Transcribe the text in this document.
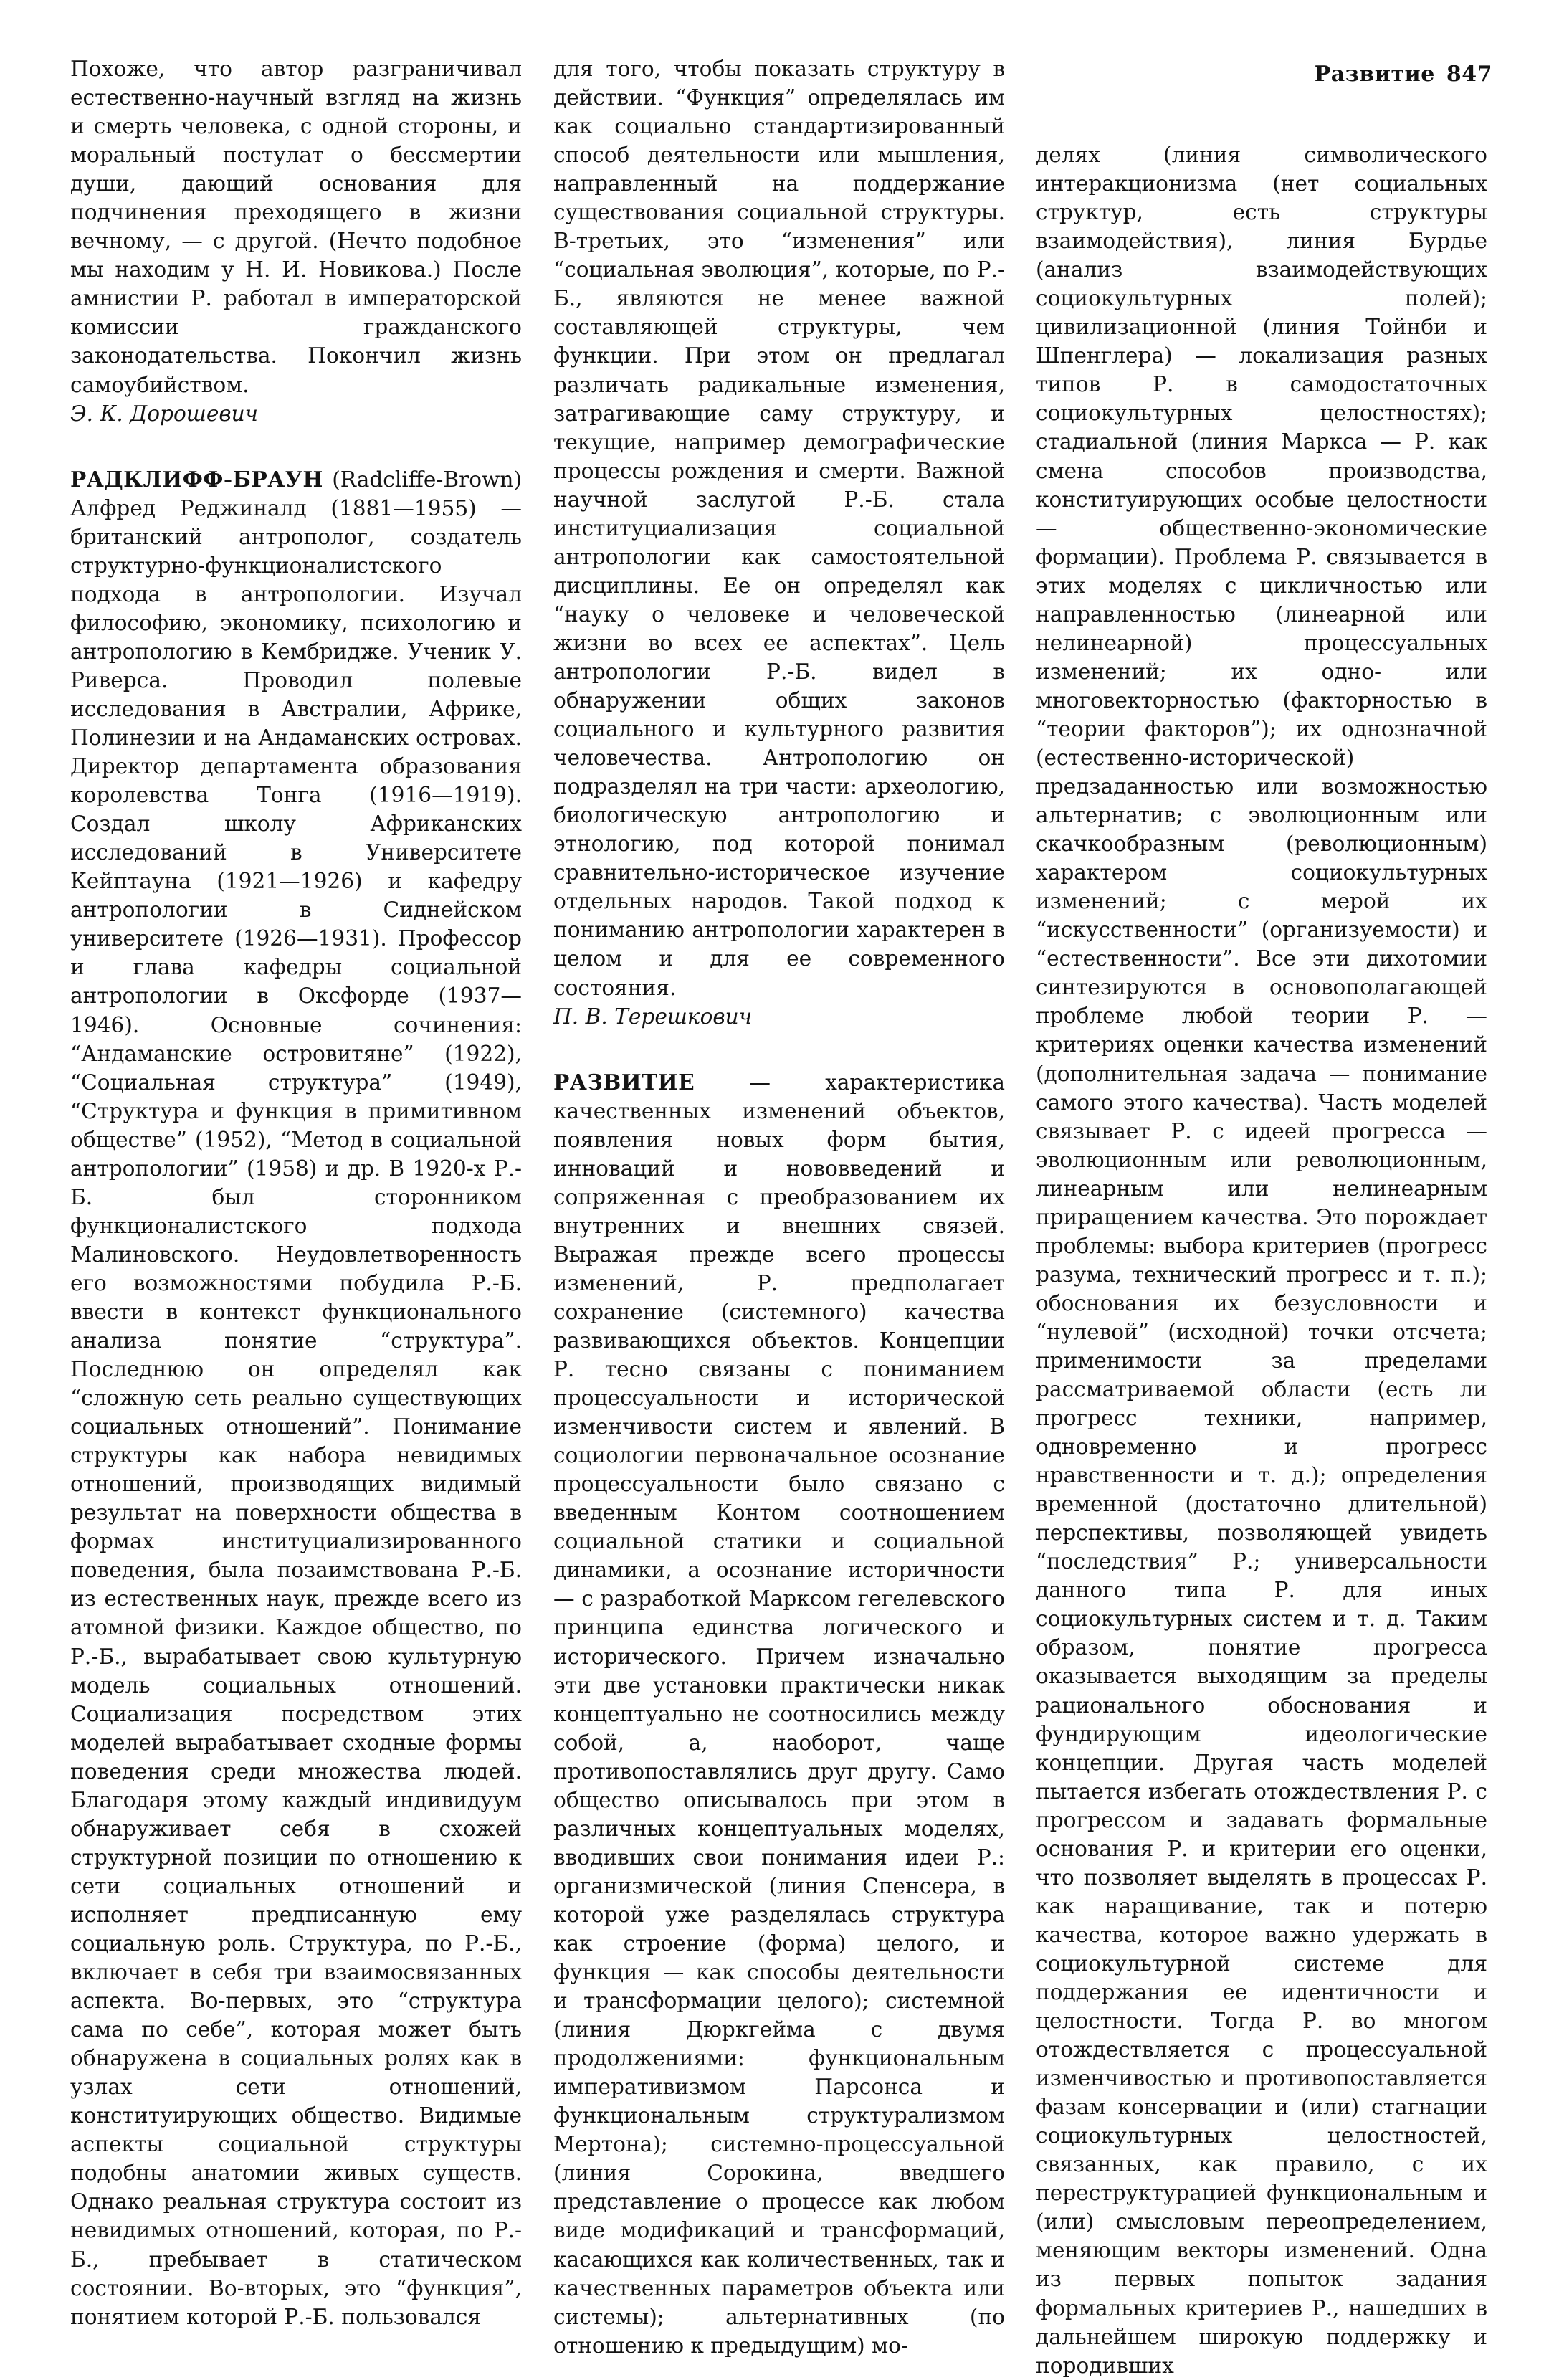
Развитие 847

Похоже, что автор разграничивал естественно-научный взгляд на жизнь и смерть человека, с одной стороны, и моральный постулат о бессмертии души, дающий основания для подчинения преходящего в жизни вечному, — с другой. (Нечто подобное мы находим у Н. И. Новикова.) После амнистии Р. работал в императорской комиссии гражданского законодательства. Покончил жизнь самоубийством.

Э. К. Дорошевич

РАДКЛИФФ-БРАУН (Radcliffe-Brown) Алфред Реджиналд (1881—1955) — британский антрополог, создатель структурно-функционалистского подхода в антропологии. Изучал философию, экономику, психологию и антропологию в Кембридже. Ученик У. Риверса. Проводил полевые исследования в Австралии, Африке, Полинезии и на Андаманских островах. Директор департамента образования королевства Тонга (1916—1919). Создал школу Африканских исследований в Университете Кейптауна (1921—1926) и кафедру антропологии в Сиднейском университете (1926—1931). Профессор и глава кафедры социальной антропологии в Оксфорде (1937—1946). Основные сочинения: “Андаманские островитяне” (1922), “Социальная структура” (1949), “Структура и функция в примитивном обществе” (1952), “Метод в социальной антропологии” (1958) и др. В 1920-х Р.-Б. был сторонником функционалистского подхода Малиновского. Неудовлетворенность его возможностями побудила Р.-Б. ввести в контекст функционального анализа понятие “структура”. Последнюю он определял как “сложную сеть реально существующих социальных отношений”. Понимание структуры как набора невидимых отношений, производящих видимый результат на поверхности общества в формах институциализированного поведения, была позаимствована Р.-Б. из естественных наук, прежде всего из атомной физики. Каждое общество, по Р.-Б., вырабатывает свою культурную модель социальных отношений. Социализация посредством этих моделей вырабатывает сходные формы поведения среди множества людей. Благодаря этому каждый индивидуум обнаруживает себя в схожей структурной позиции по отношению к сети социальных отношений и исполняет предписанную ему социальную роль. Структура, по Р.-Б., включает в себя три взаимосвязанных аспекта. Во-первых, это “структура сама по себе”, которая может быть обнаружена в социальных ролях как в узлах сети отношений, конституирующих общество. Видимые аспекты социальной структуры подобны анатомии живых существ. Однако реальная структура состоит из невидимых отношений, которая, по Р.-Б., пребывает в статическом состоянии. Во-вторых, это “функция”, понятием которой Р.-Б. пользовался

для того, чтобы показать структуру в действии. “Функция” определялась им как социально стандартизированный способ деятельности или мышления, направленный на поддержание существования социальной структуры. В-третьих, это “изменения” или “социальная эволюция”, которые, по Р.-Б., являются не менее важной составляющей структуры, чем функции. При этом он предлагал различать радикальные изменения, затрагивающие саму структуру, и текущие, например демографические процессы рождения и смерти. Важной научной заслугой Р.-Б. стала институциализация социальной антропологии как самостоятельной дисциплины. Ее он определял как “науку о человеке и человеческой жизни во всех ее аспектах”. Цель антропологии Р.-Б. видел в обнаружении общих законов социального и культурного развития человечества. Антропологию он подразделял на три части: археологию, биологическую антропологию и этнологию, под которой понимал сравнительно-историческое изучение отдельных народов. Такой подход к пониманию антропологии характерен в целом и для ее современного состояния.

П. В. Терешкович

РАЗВИТИЕ	— характеристика качественных изменений объектов, появления новых форм бытия, инноваций и нововведений и сопряженная с преобразованием их внутренних и внешних связей. Выражая прежде всего процессы изменений, Р. предполагает сохранение (системного) качества развивающихся объектов. Концепции Р. тесно связаны с пониманием процессуальности и исторической изменчивости систем и явлений. В социологии первоначальное осознание процессуальности было связано с введенным Контом соотношением социальной статики и социальной динамики, а осознание историчности — с разработкой Марксом гегелевского принципа единства логического и исторического. Причем изначально эти две установки практически никак концептуально не соотносились между собой, а, наоборот, чаще противопоставлялись друг другу. Само общество описывалось при этом в различных концептуальных моделях, вводивших свои понимания идеи Р.: организмической (линия Спенсера, в которой уже разделялась структура как строение (форма) целого, и функция — как способы деятельности и трансформации целого); системной (линия Дюркгейма с двумя продолжениями: функциональным императивизмом Парсонса и функциональным структурализмом Мертона); системно-процессуальной (линия Сорокина, введшего представление о процессе как любом виде модификаций и трансформаций, касающихся как количественных, так и качественных параметров объекта или системы); альтернативных (по отношению к предыдущим) мо-

делях (линия символического интеракционизма (нет социальных структур, есть структуры взаимодействия), линия Бурдье (анализ взаимодействующих социокультурных полей); цивилизационной (линия Тойнби и Шпенглера) — локализация разных типов Р. в самодостаточных социокультурных целостностях); стадиальной (линия Маркса — Р. как смена способов производства, конституирующих особые целостности — общественно-экономические формации). Проблема Р. связывается в этих моделях с цикличностью или направленностью (линеарной или нелинеарной) процессуальных изменений; их одно- или многовекторностью (факторностью в “теории факторов”); их однозначной (естественно-исторической) предзаданностью или возможностью альтернатив; с эволюционным или скачкообразным (революционным) характером социокультурных изменений; с мерой их “искусственности” (организуемости) и “естественности”. Все эти дихотомии синтезируются в основополагающей проблеме любой теории Р. — критериях оценки качества изменений (дополнительная задача — понимание самого этого качества). Часть моделей связывает Р. с идеей прогресса — эволюционным или революционным, линеарным или нелинеарным приращением качества. Это порождает проблемы: выбора критериев (прогресс разума, технический прогресс и т. п.); обоснования их безусловности и “нулевой” (исходной) точки отсчета; применимости за пределами рассматриваемой области (есть ли прогресс техники, например, одновременно и прогресс нравственности и т. д.); определения временной (достаточно длительной) перспективы, позволяющей увидеть “последствия” Р.; универсальности данного типа Р. для иных социокультурных систем и т. д. Таким образом, понятие прогресса оказывается выходящим за пределы рационального обоснования и фундирующим идеологические концепции. Другая часть моделей пытается избегать отождествления Р. с прогрессом и задавать формальные основания Р. и критерии его оценки, что позволяет выделять в процессах Р. как наращивание, так и потерю качества, которое важно удержать в социокультурной системе для поддержания ее идентичности и целостности. Тогда Р. во многом отождествляется с процессуальной изменчивостью и противопоставляется фазам консервации и (или) стагнации социокультурных целостностей, связанных, как правило, с их переструктурацией функциональным и (или) смысловым переопределением, меняющим векторы изменений. Одна из первых попыток задания формальных критериев Р., нашедших в дальнейшем широкую поддержку и породивших
